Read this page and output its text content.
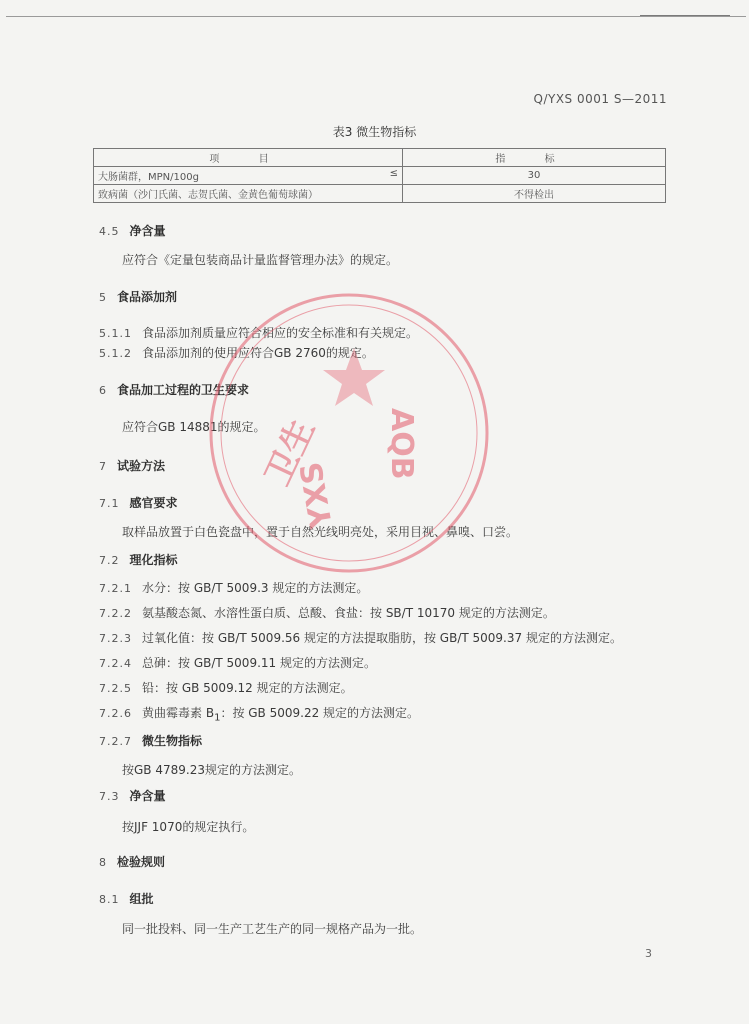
Q/YXS 0001 S—2011
表3 微生物指标
项 目	指 标
大肠菌群，MPN/100g ≤	30
致病菌（沙门氏菌、志贺氏菌、金黄色葡萄球菌）	不得检出
4.5 净含量
应符合《定量包装商品计量监督管理办法》的规定。
5 食品添加剂
5.1.1 食品添加剂质量应符合相应的安全标准和有关规定。
5.1.2 食品添加剂的使用应符合GB 2760的规定。
6 食品加工过程的卫生要求
应符合GB 14881的规定。
7 试验方法
7.1 感官要求
取样品放置于白色瓷盘中，置于自然光线明亮处，采用目视、鼻嗅、口尝。
7.2 理化指标
7.2.1 水分：按 GB/T 5009.3 规定的方法测定。
7.2.2 氨基酸态氮、水溶性蛋白质、总酸、食盐：按 SB/T 10170 规定的方法测定。
7.2.3 过氧化值：按 GB/T 5009.56 规定的方法提取脂肪，按 GB/T 5009.37 规定的方法测定。
7.2.4 总砷：按 GB/T 5009.11 规定的方法测定。
7.2.5 铅：按 GB 5009.12 规定的方法测定。
7.2.6 黄曲霉毒素 $B_1$：按 GB 5009.22 规定的方法测定。
7.2.7 微生物指标
按GB 4789.23规定的方法测定。
7.3 净含量
按JJF 1070的规定执行。
8 检验规则
8.1 组批
同一批投料、同一生产工艺生产的同一规格产品为一批。
3
卫生
YXS
AQB
